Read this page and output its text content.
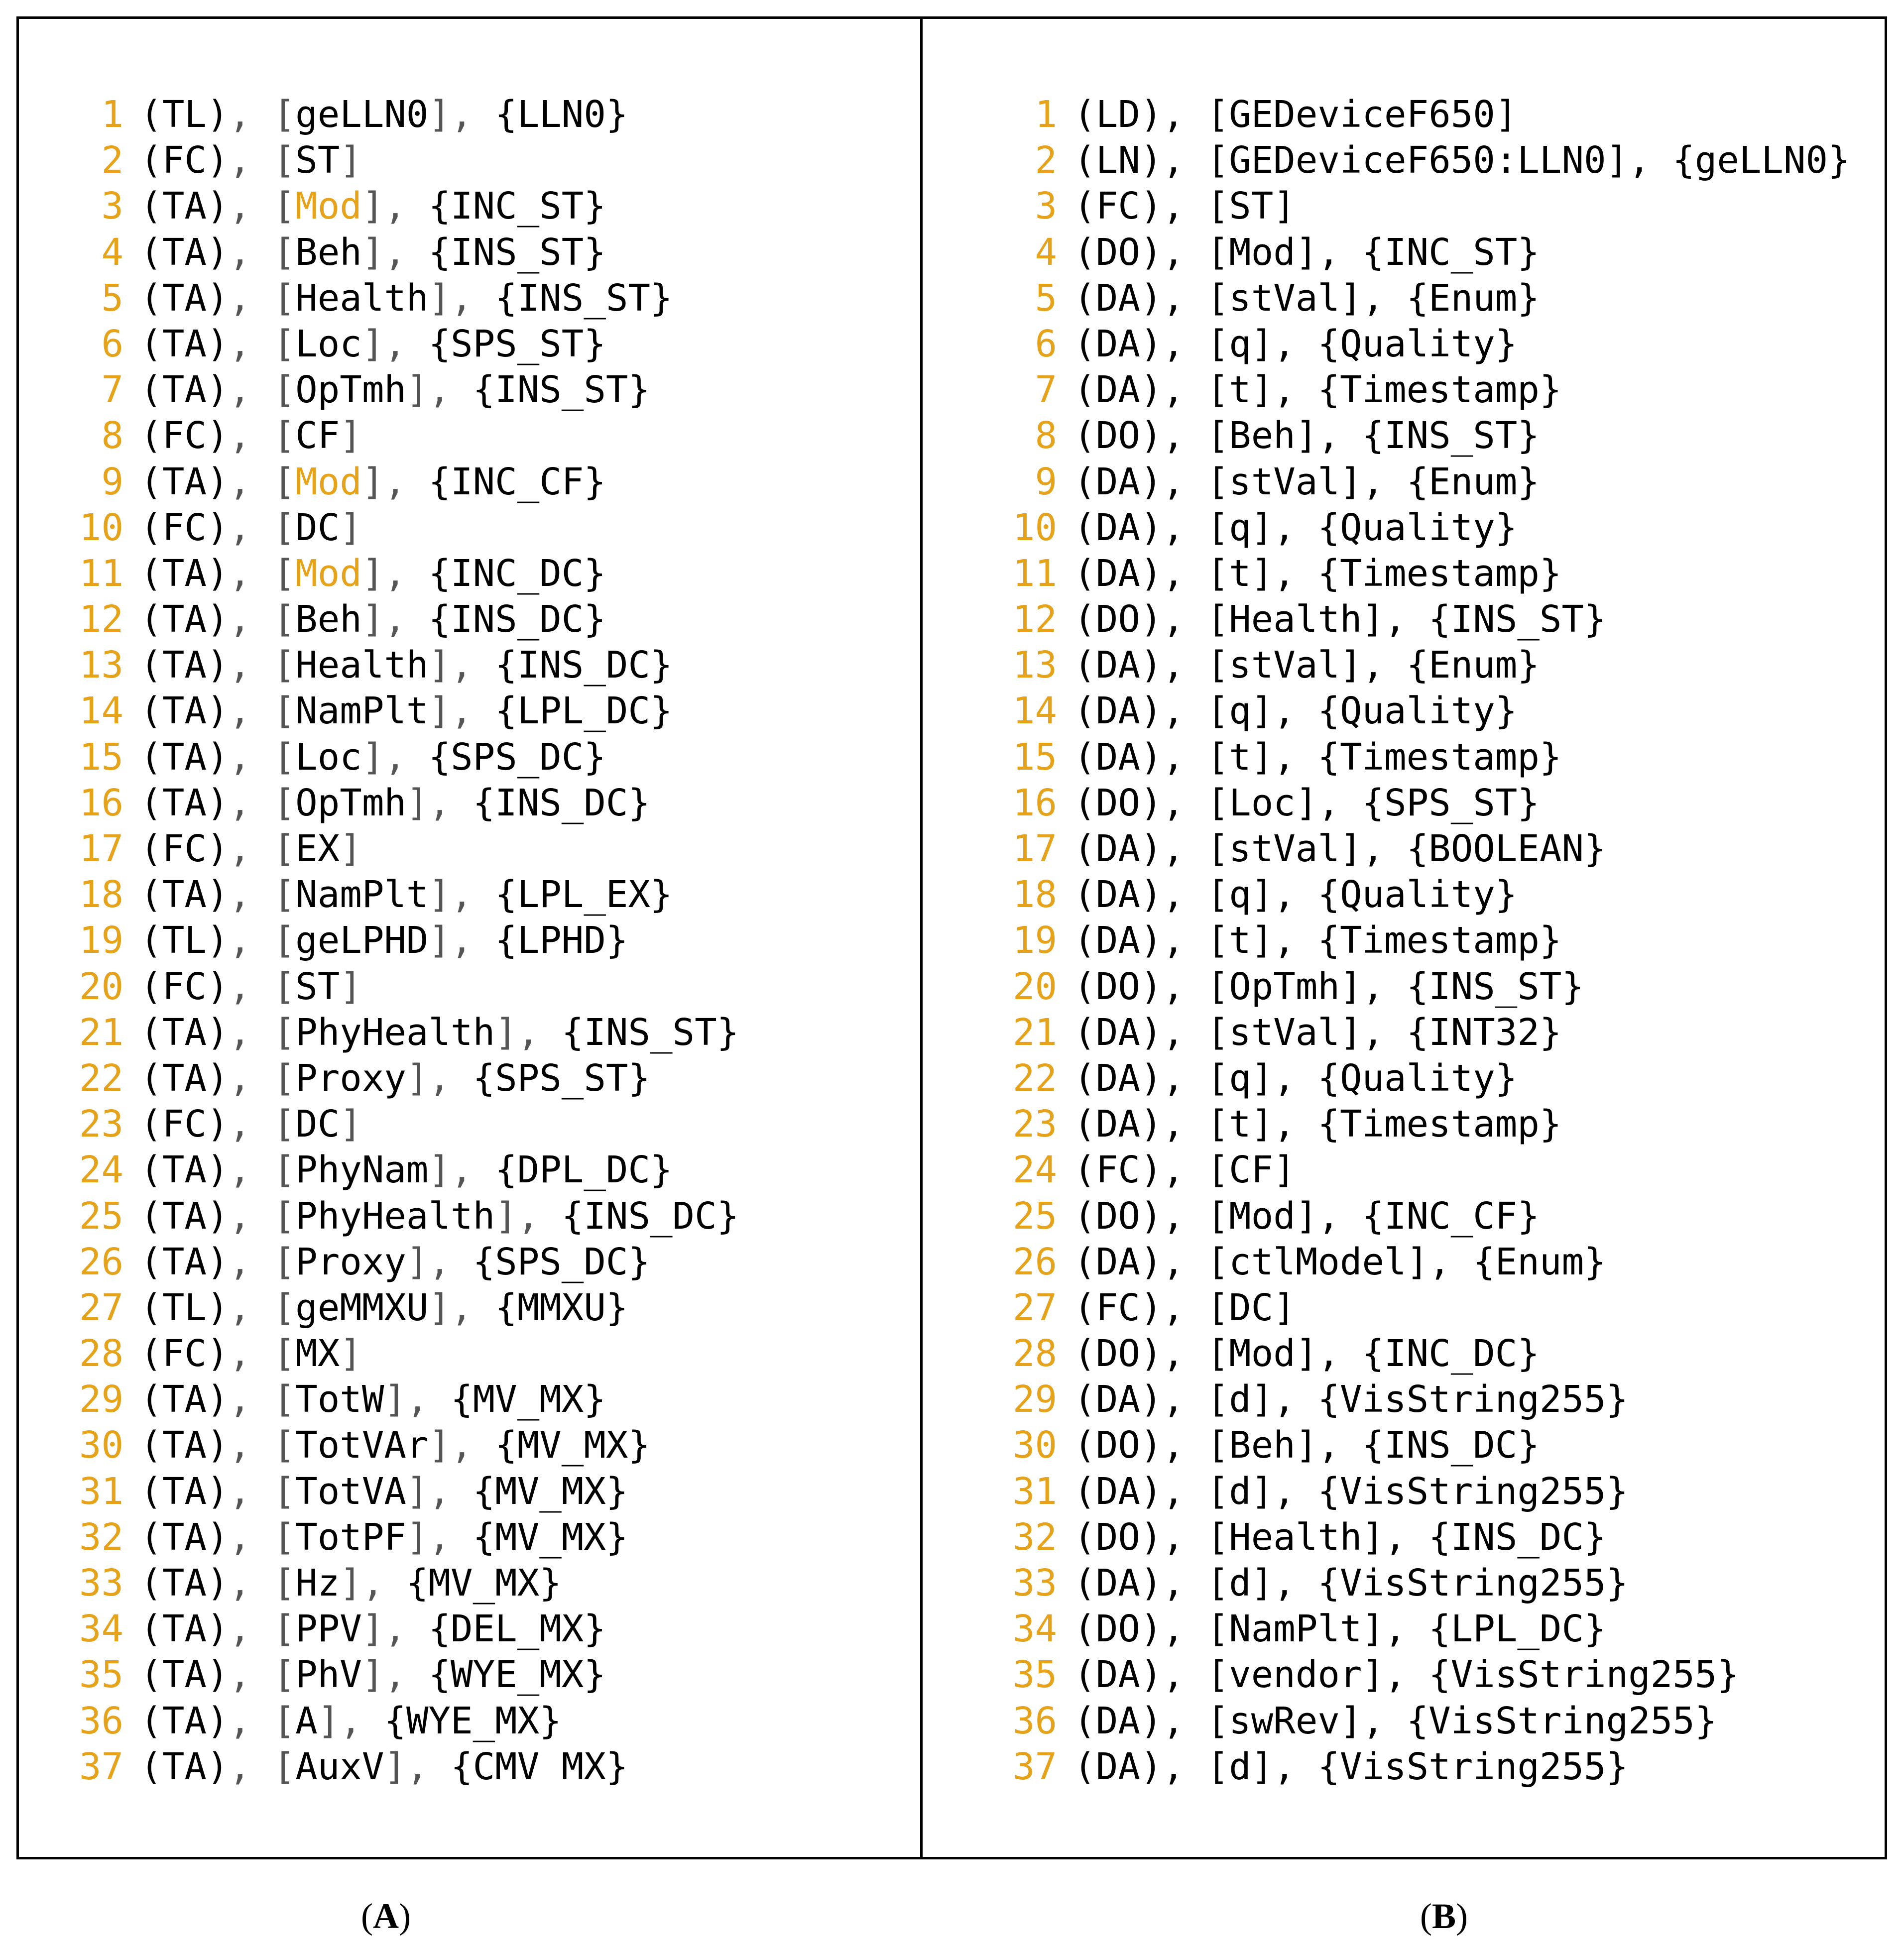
1 (TL), [geLLN0], {LLN0}
2 (FC), [ST]
3 (TA), [Mod], {INC_ST}
4 (TA), [Beh], {INS_ST}
5 (TA), [Health], {INS_ST}
6 (TA), [Loc], {SPS_ST}
7 (TA), [OpTmh], {INS_ST}
8 (FC), [CF]
9 (TA), [Mod], {INC_CF}
10 (FC), [DC]
11 (TA), [Mod], {INC_DC}
12 (TA), [Beh], {INS_DC}
13 (TA), [Health], {INS_DC}
14 (TA), [NamPlt], {LPL_DC}
15 (TA), [Loc], {SPS_DC}
16 (TA), [OpTmh], {INS_DC}
17 (FC), [EX]
18 (TA), [NamPlt], {LPL_EX}
19 (TL), [geLPHD], {LPHD}
20 (FC), [ST]
21 (TA), [PhyHealth], {INS_ST}
22 (TA), [Proxy], {SPS_ST}
23 (FC), [DC]
24 (TA), [PhyNam], {DPL_DC}
25 (TA), [PhyHealth], {INS_DC}
26 (TA), [Proxy], {SPS_DC}
27 (TL), [geMMXU], {MMXU}
28 (FC), [MX]
29 (TA), [TotW], {MV_MX}
30 (TA), [TotVAr], {MV_MX}
31 (TA), [TotVA], {MV_MX}
32 (TA), [TotPF], {MV_MX}
33 (TA), [Hz], {MV_MX}
34 (TA), [PPV], {DEL_MX}
35 (TA), [PhV], {WYE_MX}
36 (TA), [A], {WYE_MX}
37 (TA), [AuxV], {CMV MX}
1 (LD), [GEDeviceF650]
2 (LN), [GEDeviceF650:LLN0], {geLLN0}
3 (FC), [ST]
4 (DO), [Mod], {INC_ST}
5 (DA), [stVal], {Enum}
6 (DA), [q], {Quality}
7 (DA), [t], {Timestamp}
8 (DO), [Beh], {INS_ST}
9 (DA), [stVal], {Enum}
10 (DA), [q], {Quality}
11 (DA), [t], {Timestamp}
12 (DO), [Health], {INS_ST}
13 (DA), [stVal], {Enum}
14 (DA), [q], {Quality}
15 (DA), [t], {Timestamp}
16 (DO), [Loc], {SPS_ST}
17 (DA), [stVal], {BOOLEAN}
18 (DA), [q], {Quality}
19 (DA), [t], {Timestamp}
20 (DO), [OpTmh], {INS_ST}
21 (DA), [stVal], {INT32}
22 (DA), [q], {Quality}
23 (DA), [t], {Timestamp}
24 (FC), [CF]
25 (DO), [Mod], {INC_CF}
26 (DA), [ctlModel], {Enum}
27 (FC), [DC]
28 (DO), [Mod], {INC_DC}
29 (DA), [d], {VisString255}
30 (DO), [Beh], {INS_DC}
31 (DA), [d], {VisString255}
32 (DO), [Health], {INS_DC}
33 (DA), [d], {VisString255}
34 (DO), [NamPlt], {LPL_DC}
35 (DA), [vendor], {VisString255}
36 (DA), [swRev], {VisString255}
37 (DA), [d], {VisString255}
(A)	(B)
